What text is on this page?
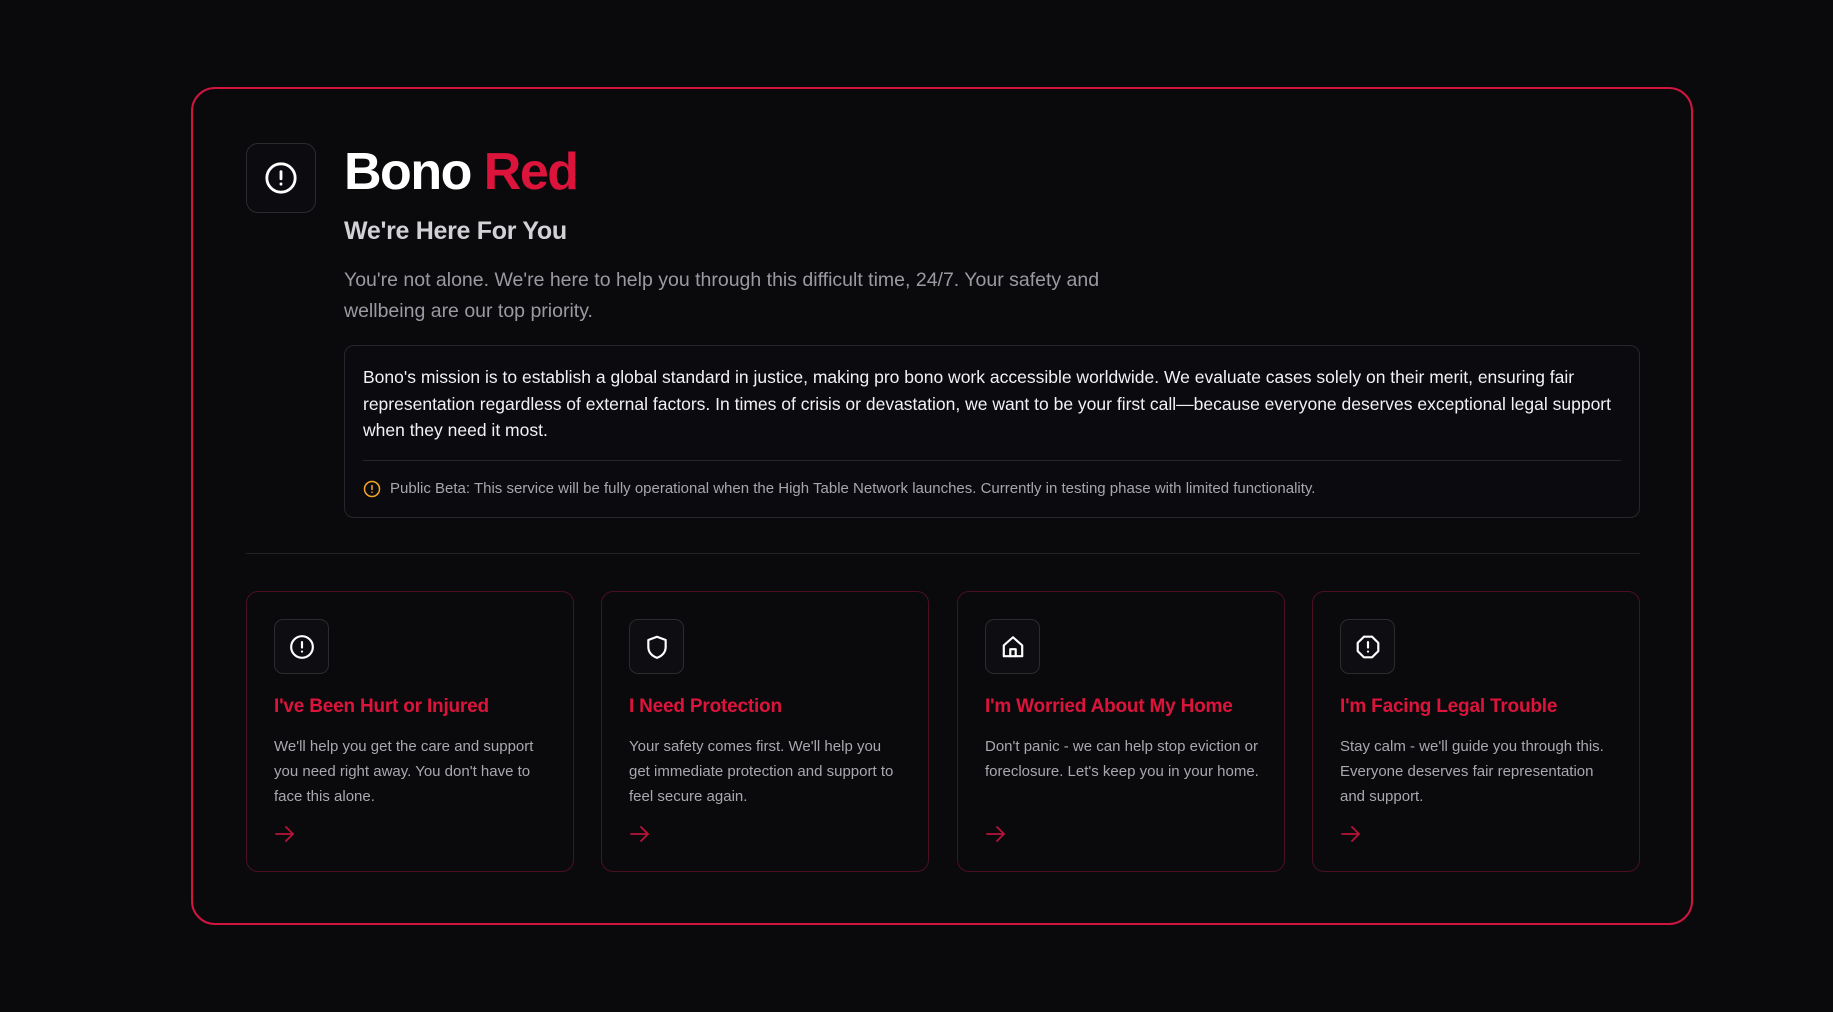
Bono Red
We're Here For You

You're not alone. We're here to help you through this difficult time, 24/7. Your safety and wellbeing are our top priority.

Bono's mission is to establish a global standard in justice, making pro bono work accessible worldwide. We evaluate cases solely on their merit, ensuring fair representation regardless of external factors. In times of crisis or devastation, we want to be your first call—because everyone deserves exceptional legal support when they need it most.

Public Beta: This service will be fully operational when the High Table Network launches. Currently in testing phase with limited functionality.
I've Been Hurt or Injured

We'll help you get the care and support you need right away. You don't have to face this alone.

I Need Protection

Your safety comes first. We'll help you get immediate protection and support to feel secure again.

I'm Worried About My Home

Don't panic - we can help stop eviction or foreclosure. Let's keep you in your home.

I'm Facing Legal Trouble

Stay calm - we'll guide you through this. Everyone deserves fair representation and support.
